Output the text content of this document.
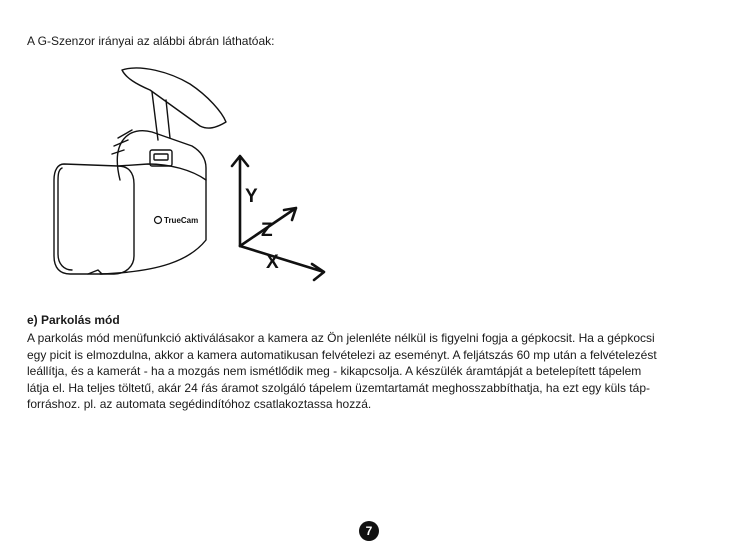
A G-Szenzor irányai az alábbi ábrán láthatóak:
TrueCam
Y
Z
X
e) Parkolás mód

A parkolás mód menüfunkció aktiválásakor a kamera az Ön jelenléte nélkül is figyelni fogja a gépkocsit. Ha a gépkocsi

egy picit is elmozdulna, akkor a kamera automatikusan felvételezi az eseményt. A feljátszás 60 mp után a felvételezést

leállítja, és a kamerát - ha a mozgás nem ismétlődik meg - kikapcsolja. A készülék áramtápját a betelepített tápelem

látja el. Ha teljes töltetű, akár 24 ŕás áramot szolgáló tápelem üzemtartamát meghosszabbíthatja, ha ezt egy küls táp-

forráshoz. pl. az automata segédindítóhoz csatlakoztassa hozzá.

7
